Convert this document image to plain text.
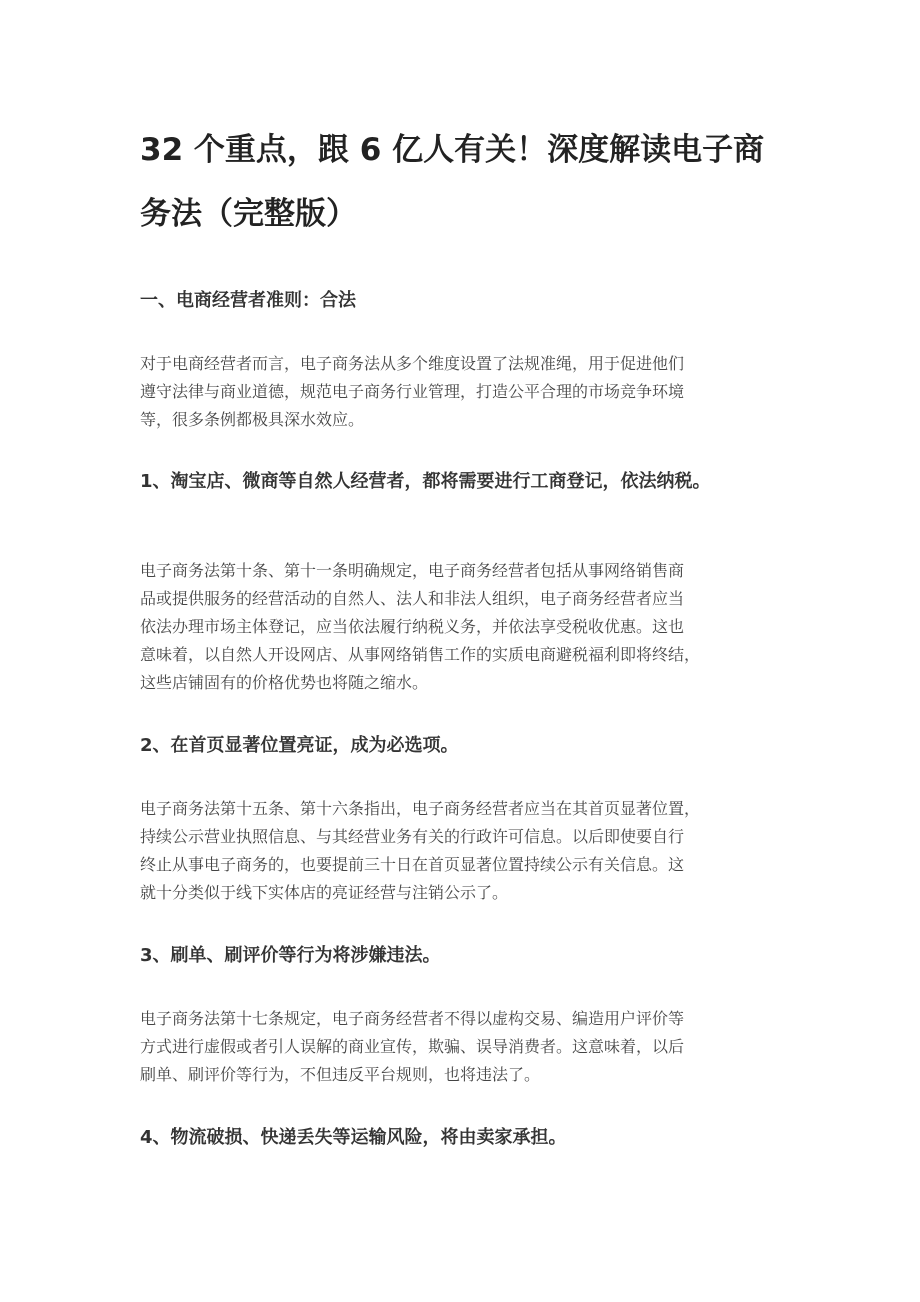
32 个重点，跟 6 亿人有关！深度解读电子商
务法（完整版）
一、电商经营者准则：合法

对于电商经营者而言，电子商务法从多个维度设置了法规准绳，用于促进他们
遵守法律与商业道德，规范电子商务行业管理，打造公平合理的市场竞争环境
等，很多条例都极具深水效应。

1、淘宝店、微商等自然人经营者，都将需要进行工商登记，依法纳税。

电子商务法第十条、第十一条明确规定，电子商务经营者包括从事网络销售商
品或提供服务的经营活动的自然人、法人和非法人组织，电子商务经营者应当
依法办理市场主体登记，应当依法履行纳税义务，并依法享受税收优惠。这也
意味着，以自然人开设网店、从事网络销售工作的实质电商避税福利即将终结，
这些店铺固有的价格优势也将随之缩水。

2、在首页显著位置亮证，成为必选项。

电子商务法第十五条、第十六条指出，电子商务经营者应当在其首页显著位置，
持续公示营业执照信息、与其经营业务有关的行政许可信息。以后即使要自行
终止从事电子商务的，也要提前三十日在首页显著位置持续公示有关信息。这
就十分类似于线下实体店的亮证经营与注销公示了。

3、刷单、刷评价等行为将涉嫌违法。

电子商务法第十七条规定，电子商务经营者不得以虚构交易、编造用户评价等
方式进行虚假或者引人误解的商业宣传，欺骗、误导消费者。这意味着，以后
刷单、刷评价等行为，不但违反平台规则，也将违法了。

4、物流破损、快递丢失等运输风险，将由卖家承担。
